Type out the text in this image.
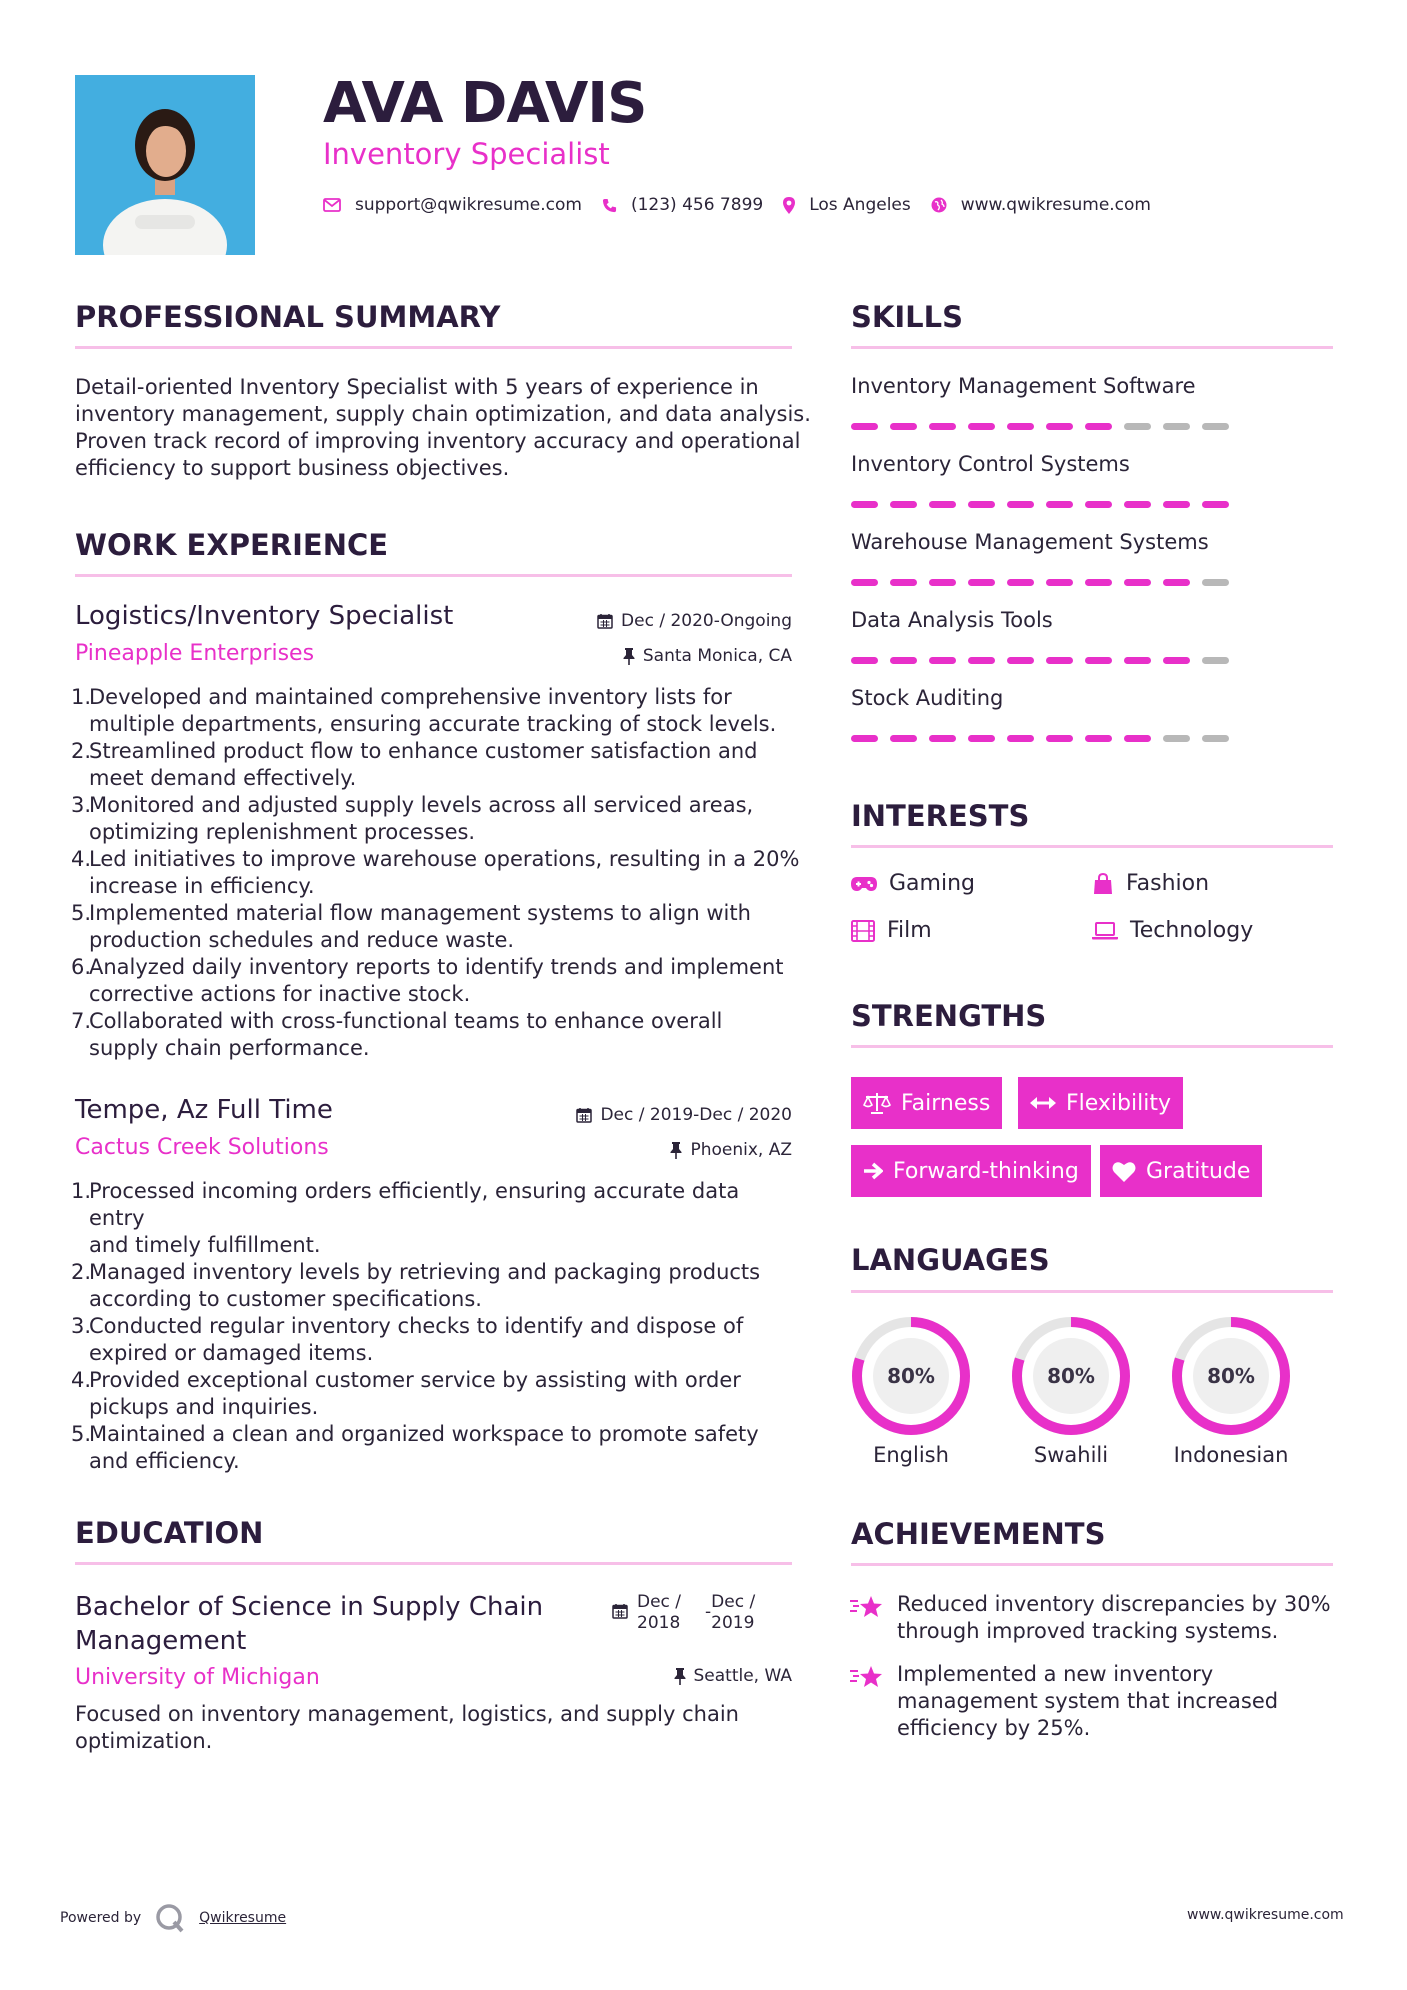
AVA DAVIS
Inventory Specialist
support@qwikresume.com	(123) 456 7899	Los Angeles	www.qwikresume.com
PROFESSIONAL SUMMARY
Detail-oriented Inventory Specialist with 5 years of experience in
inventory management, supply chain optimization, and data analysis.
Proven track record of improving inventory accuracy and operational
efficiency to support business objectives.
WORK EXPERIENCE
Logistics/Inventory Specialist	Dec / 2020-Ongoing
Pineapple Enterprises	Santa Monica, CA
1.
Developed and maintained comprehensive inventory lists for
multiple departments, ensuring accurate tracking of stock levels.
2.
Streamlined product flow to enhance customer satisfaction and
meet demand effectively.
3.
Monitored and adjusted supply levels across all serviced areas,
optimizing replenishment processes.
4.
Led initiatives to improve warehouse operations, resulting in a 20%
increase in efficiency.
5.
Implemented material flow management systems to align with
production schedules and reduce waste.
6.
Analyzed daily inventory reports to identify trends and implement
corrective actions for inactive stock.
7.
Collaborated with cross-functional teams to enhance overall
supply chain performance.
Tempe, Az Full Time	Dec / 2019-Dec / 2020
Cactus Creek Solutions	Phoenix, AZ
1.
Processed incoming orders efficiently, ensuring accurate data entry
and timely fulfillment.
2.
Managed inventory levels by retrieving and packaging products
according to customer specifications.
3.
Conducted regular inventory checks to identify and dispose of
expired or damaged items.
4.
Provided exceptional customer service by assisting with order
pickups and inquiries.
5.
Maintained a clean and organized workspace to promote safety
and efficiency.
EDUCATION
Bachelor of Science in Supply Chain
Management
Dec /
2018
- Dec /
2019
University of Michigan	Seattle, WA
Focused on inventory management, logistics, and supply chain
optimization.
SKILLS
Inventory Management Software
Inventory Control Systems
Warehouse Management Systems
Data Analysis Tools
Stock Auditing
INTERESTS
Gaming	Fashion
Film	Technology
STRENGTHS
Fairness	Flexibility
Forward-thinking	Gratitude
LANGUAGES
80%
English
80%
Swahili
80%
Indonesian
ACHIEVEMENTS
Reduced inventory discrepancies by 30%
through improved tracking systems.
Implemented a new inventory
management system that increased
efficiency by 25%.
Powered by	Qwikresume	www.qwikresume.com
